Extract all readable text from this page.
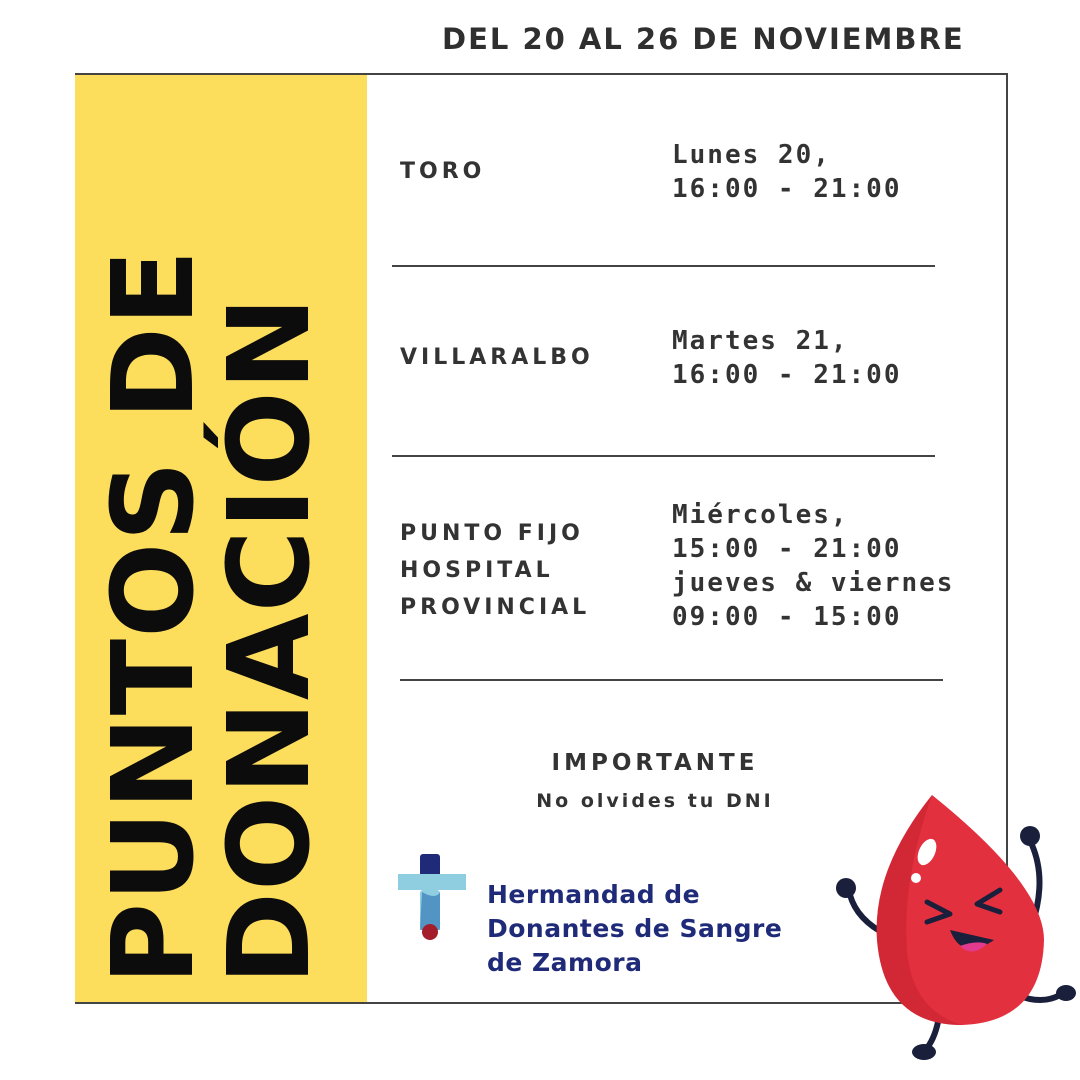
DEL 20 AL 26 DE NOVIEMBRE
PUNTOS DE
DONACIÓN
TORO
Lunes 20,
16:00 - 21:00
VILLARALBO
Martes 21,
16:00 - 21:00
PUNTO FIJO
HOSPITAL
PROVINCIAL
Miércoles,
15:00 - 21:00
jueves & viernes
09:00 - 15:00
IMPORTANTE
No olvides tu DNI
Hermandad de
Donantes de Sangre
de Zamora
